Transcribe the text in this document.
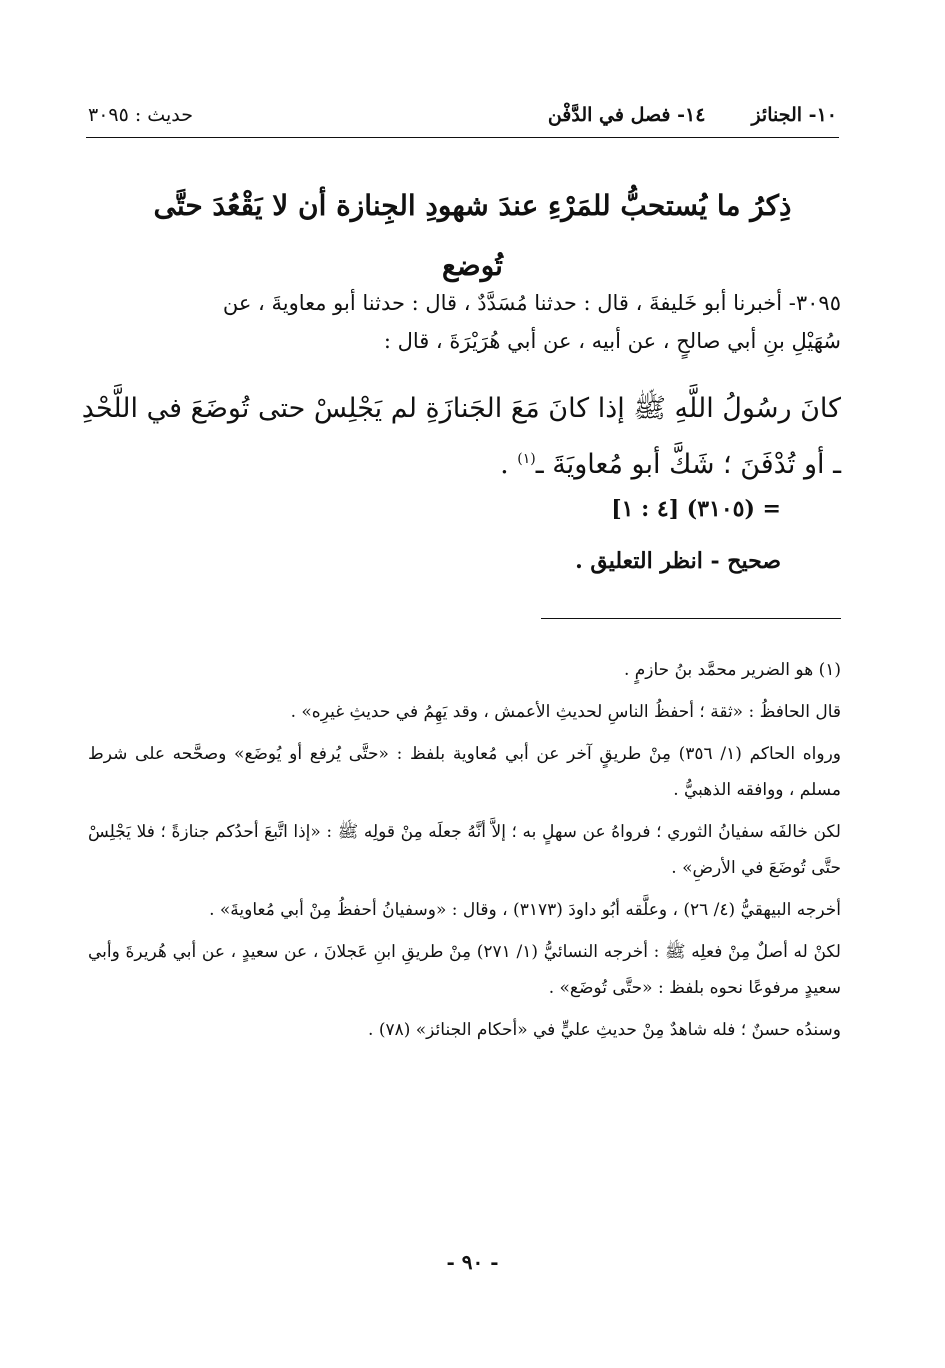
١٠- الجنائز
١٤- فصل في الدَّفْن
حديث : ٣٠٩٥
ذِكرُ ما يُستحبُّ للمَرْءِ عندَ شهودِ الجِنازة أن لا يَقْعُدَ حتَّى تُوضع

٣٠٩٥- أخبرنا أبو خَليفةَ ، قال : حدثنا مُسَدَّدٌ ، قال : حدثنا أبو معاويةَ ، عن

سُهَيْلِ بنِ أبي صالحٍ ، عن أبيه ، عن أبي هُرَيْرَةَ ، قال :

كانَ رسُولُ اللَّهِ ﷺ إذا كانَ مَعَ الجَنازَةِ لم يَجْلِسْ حتى تُوضَعَ في اللَّحْدِ

ـ أو تُدْفَنَ ؛ شَكَّ أبو مُعاويَةَ ـ$^{(١)}$ .

= (٣١٠٥) [٤ : ١]
صحيح - انظر التعليق .

(١) هو الضرير محمَّد بنُ حازمٍ .

قال الحافظُ : «ثقة ؛ أحفظُ الناسِ لحديثِ الأعمش ، وقد يَهِمُ في حديثِ غيرِه» .

ورواه الحاكم (١/ ٣٥٦) مِنْ طريقٍ آخر عن أبي مُعاوية بلفظ : «حتَّى يُرفع أو يُوضَع» وصحَّحه على شرط مسلم ، ووافقه الذهبيُّ .

لكن خالفَه سفيانُ الثوري ؛ فرواهُ عن سهلٍ به ؛ إلاَّ أنَّهُ جعلَه مِنْ قولِه ﷺ : «إذا اتَّبعَ أحدُكم جنازةً ؛ فلا يَجْلِسْ حتَّى تُوضَعَ في الأرضِ» .

أخرجه البيهقيُّ (٤/ ٢٦) ، وعلَّقه أبُو داودَ (٣١٧٣) ، وقال : «وسفيانُ أحفظُ مِنْ أبي مُعاويةَ» .

لكنْ له أصلٌ مِنْ فعلِه ﷺ : أخرجه النسائيُّ (١/ ٢٧١) مِنْ طريقِ ابنِ عَجلانَ ، عن سعيدٍ ، عن أبي هُريرةَ وأبي سعيدٍ مرفوعًا نحوه بلفظ : «حتَّى تُوضَع» .

وسندُه حسنٌ ؛ فله شاهدٌ مِنْ حديثِ عليٍّ في «أحكام الجنائز» (٧٨) .

- ٩٠ -
